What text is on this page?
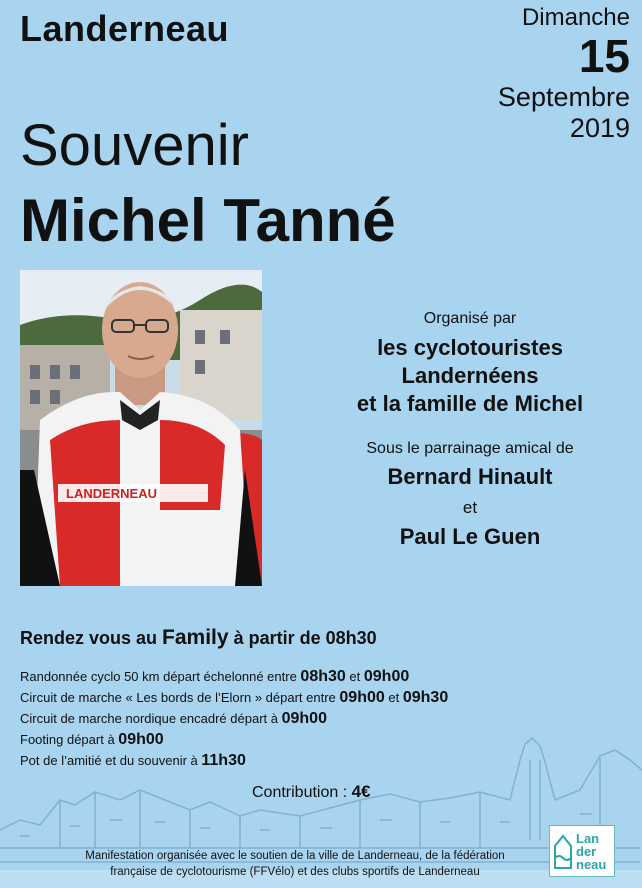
Landerneau	Dimanche
15
Septembre
2019
Souvenir
Michel Tanné
LANDERNEAU
Organisé par
les cyclotouristes
Landernéens
et la famille de Michel
Sous le parrainage amical de
Bernard Hinault
et
Paul Le Guen
Rendez vous au Family à partir de 08h30
Randonnée cyclo 50 km départ échelonné entre 08h30 et 09h00
Circuit de marche « Les bords de l’Elorn » départ entre 09h00 et 09h30
Circuit de marche nordique encadré départ à 09h00
Footing départ à 09h00
Pot de l’amitié et du souvenir à 11h30
Contribution : 4€
Manifestation organisée avec le soutien de la ville de Landerneau, de la fédération
française de cyclotourisme (FFVélo) et des clubs sportifs de Landerneau
Lan
der
neau
